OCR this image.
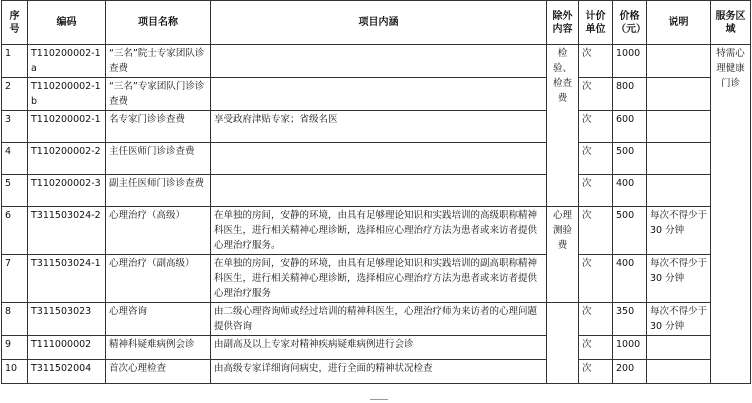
序号	编码	项目名称	项目内涵	除外内容	计价单位	价格（元）	说明	服务区域
1	T110200002-1a	“三名”院士专家团队诊查费		检验、检查费	次	1000		特需心理健康门诊
2	T110200002-1b	“三名”专家团队门诊诊查费			次	800		
3	T110200002-1	名专家门诊诊查费	享受政府津贴专家；省级名医		次	600		
4	T110200002-2	主任医师门诊诊查费			次	500		
5	T110200002-3	副主任医师门诊诊查费			次	400		
6	T311503024-2	心理治疗（高级）	在单独的房间，安静的环境，由具有足够理论知识和实践培训的高级职称精神科医生，进行相关精神心理诊断，选择相应心理治疗方法为患者或来访者提供心理治疗服务。	心理测验费	次	500	每次不得少于 30 分钟	
7	T311503024-1	心理治疗（副高级）	在单独的房间，安静的环境，由具有足够理论知识和实践培训的副高职称精神科医生，进行相关精神心理诊断，选择相应心理治疗方法为患者或来访者提供心理治疗服务		次	400	每次不得少于 30 分钟	
8	T311503023	心理咨询	由二级心理咨询师或经过培训的精神科医生，心理治疗师为来访者的心理问题提供咨询		次	350	每次不得少于 30 分钟	
9	T111000002	精神科疑难病例会诊	由副高及以上专家对精神疾病疑难病例进行会诊		次	1000		
10	T311502004	首次心理检查	由高级专家详细询问病史，进行全面的精神状况检查		次	200		
